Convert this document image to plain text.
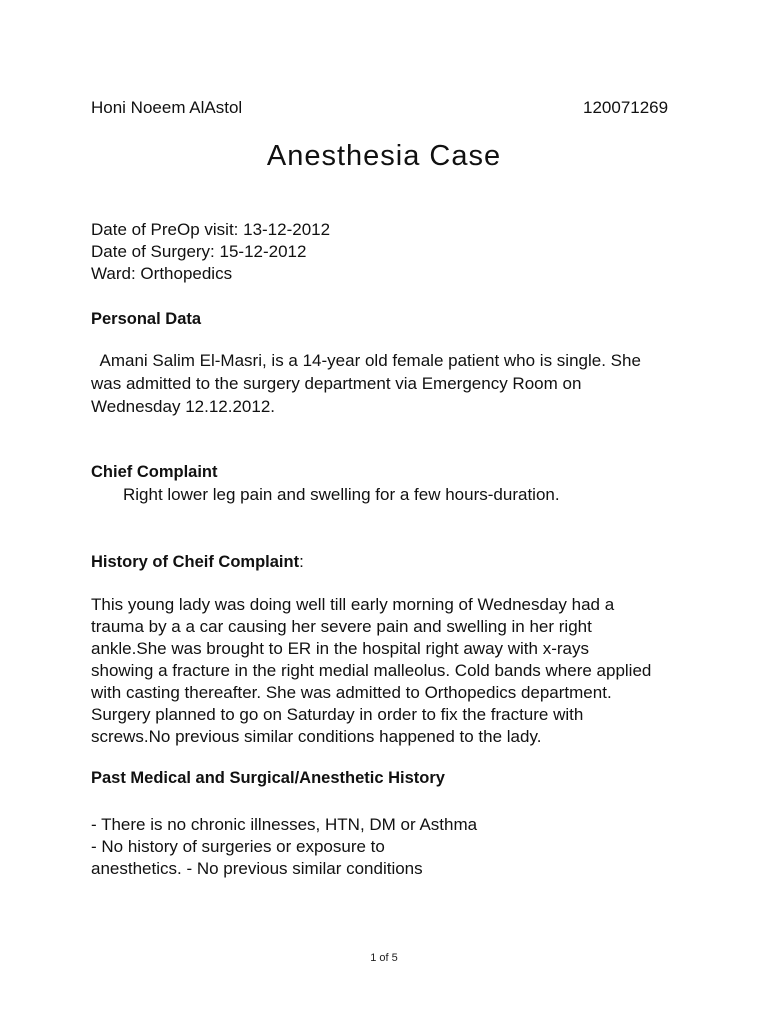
Honi Noeem AlAstol	120071269
Anesthesia Case
Date of PreOp visit: 13-12-2012
Date of Surgery: 15-12-2012
Ward: Orthopedics
Personal Data
Amani Salim El-Masri, is a 14-year old female patient who is single. She
was admitted to the surgery department via Emergency Room on
Wednesday 12.12.2012.
Chief Complaint
Right lower leg pain and swelling for a few hours-duration.
History of Cheif Complaint:
This young lady was doing well till early morning of Wednesday had a
trauma by a a car causing her severe pain and swelling in her right
ankle.She was brought to ER in the hospital right away with x-rays
showing a fracture in the right medial malleolus. Cold bands where applied
with casting thereafter. She was admitted to Orthopedics department.
Surgery planned to go on Saturday in order to fix the fracture with
screws.No previous similar conditions happened to the lady.
Past Medical and Surgical/Anesthetic History
- There is no chronic illnesses, HTN, DM or Asthma
- No history of surgeries or exposure to
anesthetics. - No previous similar conditions
1 of 5
